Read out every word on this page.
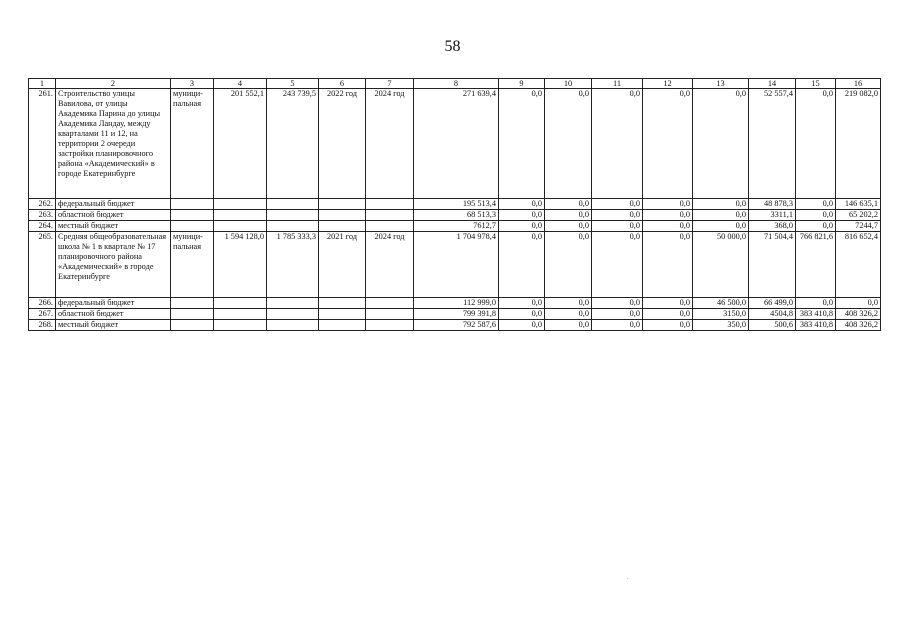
58
1	2	3	4	5	6	7	8	9	10	11	12	13	14	15	16
261.	Строительство улицы Вавилова, от улицы Академика Парина до улицы Академика Ландау, между кварталами 11 и 12, на территории 2 очереди застройки планировочного района «Академический» в городе Екатеринбурге	муници-пальная	201 552,1	243 739,5	2022 год	2024 год	271 639,4	0,0	0,0	0,0	0,0	0,0	52 557,4	0,0	219 082,0
262.	федеральный бюджет						195 513,4	0,0	0,0	0,0	0,0	0,0	48 878,3	0,0	146 635,1
263.	областной бюджет						68 513,3	0,0	0,0	0,0	0,0	0,0	3311,1	0,0	65 202,2
264.	местный бюджет						7612,7	0,0	0,0	0,0	0,0	0,0	368,0	0,0	7244,7
265.	Средняя общеобразовательная школа № 1 в квартале № 17 планировочного района «Академический» в городе Екатеринбурге	муници-пальная	1 594 128,0	1 785 333,3	2021 год	2024 год	1 704 978,4	0,0	0,0	0,0	0,0	50 000,0	71 504,4	766 821,6	816 652,4
266.	федеральный бюджет						112 999,0	0,0	0,0	0,0	0,0	46 500,0	66 499,0	0,0	0,0
267.	областной бюджет						799 391,8	0,0	0,0	0,0	0,0	3150,0	4504,8	383 410,8	408 326,2
268.	местный бюджет						792 587,6	0,0	0,0	0,0	0,0	350,0	500,6	383 410,8	408 326,2
